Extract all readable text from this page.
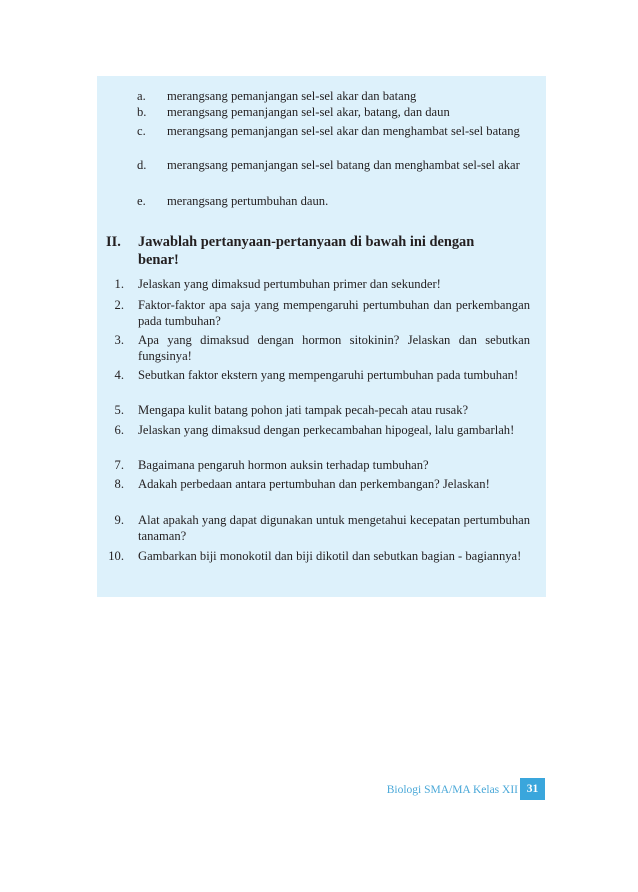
a.	merangsang pemanjangan sel-sel akar dan batang
b.	merangsang pemanjangan sel-sel akar, batang, dan daun
c.	merangsang pemanjangan sel-sel akar dan menghambat sel-sel batang
d.	merangsang pemanjangan sel-sel batang dan menghambat sel-sel akar
e.	merangsang pertumbuhan daun.
II. Jawablah pertanyaan-pertanyaan di bawah ini dengan benar!
1. Jelaskan yang dimaksud pertumbuhan primer dan sekunder!
2. Faktor-faktor apa saja yang mempengaruhi pertumbuhan dan perkembangan pada tumbuhan?
3. Apa yang dimaksud dengan hormon sitokinin? Jelaskan dan sebutkan fungsinya!
4. Sebutkan faktor ekstern yang mempengaruhi pertumbuhan pada tumbuhan!
5. Mengapa kulit batang pohon jati tampak pecah-pecah atau rusak?
6. Jelaskan yang dimaksud dengan perkecambahan hipogeal, lalu gambarlah!
7. Bagaimana pengaruh hormon auksin terhadap tumbuhan?
8. Adakah perbedaan antara pertumbuhan dan perkembangan? Jelaskan!
9. Alat apakah yang dapat digunakan untuk mengetahui kecepatan pertumbuhan tanaman?
10. Gambarkan biji monokotil dan biji dikotil dan sebutkan bagian - bagiannya!
Biologi SMA/MA Kelas XII 31
